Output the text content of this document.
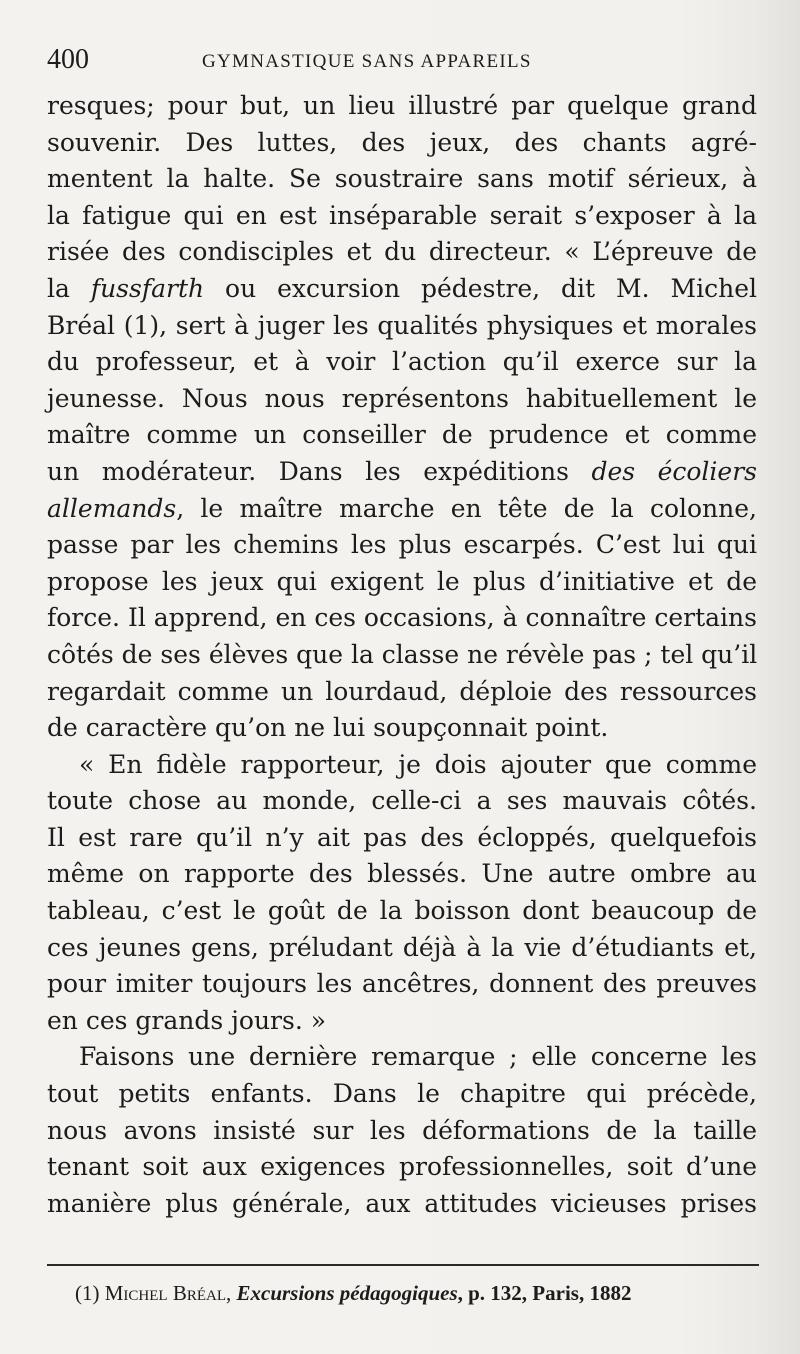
400	GYMNASTIQUE SANS APPAREILS
resques; pour but, un lieu illustré par quelque grand
souvenir. Des luttes, des jeux, des chants agré-
mentent la halte. Se soustraire sans motif sérieux, à
la fatigue qui en est inséparable serait s’exposer à la
risée des condisciples et du directeur. « L’épreuve de
la fussfarth ou excursion pédestre, dit M. Michel
Bréal (1), sert à juger les qualités physiques et morales
du professeur, et à voir l’action qu’il exerce sur la
jeunesse. Nous nous représentons habituellement le
maître comme un conseiller de prudence et comme
un modérateur. Dans les expéditions des écoliers
allemands, le maître marche en tête de la colonne,
passe par les chemins les plus escarpés. C’est lui qui
propose les jeux qui exigent le plus d’initiative et de
force. Il apprend, en ces occasions, à connaître certains
côtés de ses élèves que la classe ne révèle pas ; tel qu’il
regardait comme un lourdaud, déploie des ressources
de caractère qu’on ne lui soupçonnait point.
« En fidèle rapporteur, je dois ajouter que comme
toute chose au monde, celle-ci a ses mauvais côtés.
Il est rare qu’il n’y ait pas des écloppés, quelquefois
même on rapporte des blessés. Une autre ombre au
tableau, c’est le goût de la boisson dont beaucoup de
ces jeunes gens, préludant déjà à la vie d’étudiants et,
pour imiter toujours les ancêtres, donnent des preuves
en ces grands jours. »
Faisons une dernière remarque ; elle concerne les
tout petits enfants. Dans le chapitre qui précède,
nous avons insisté sur les déformations de la taille
tenant soit aux exigences professionnelles, soit d’une
manière plus générale, aux attitudes vicieuses prises
(1) Michel Bréal, Excursions pédagogiques, p. 132, Paris, 1882
